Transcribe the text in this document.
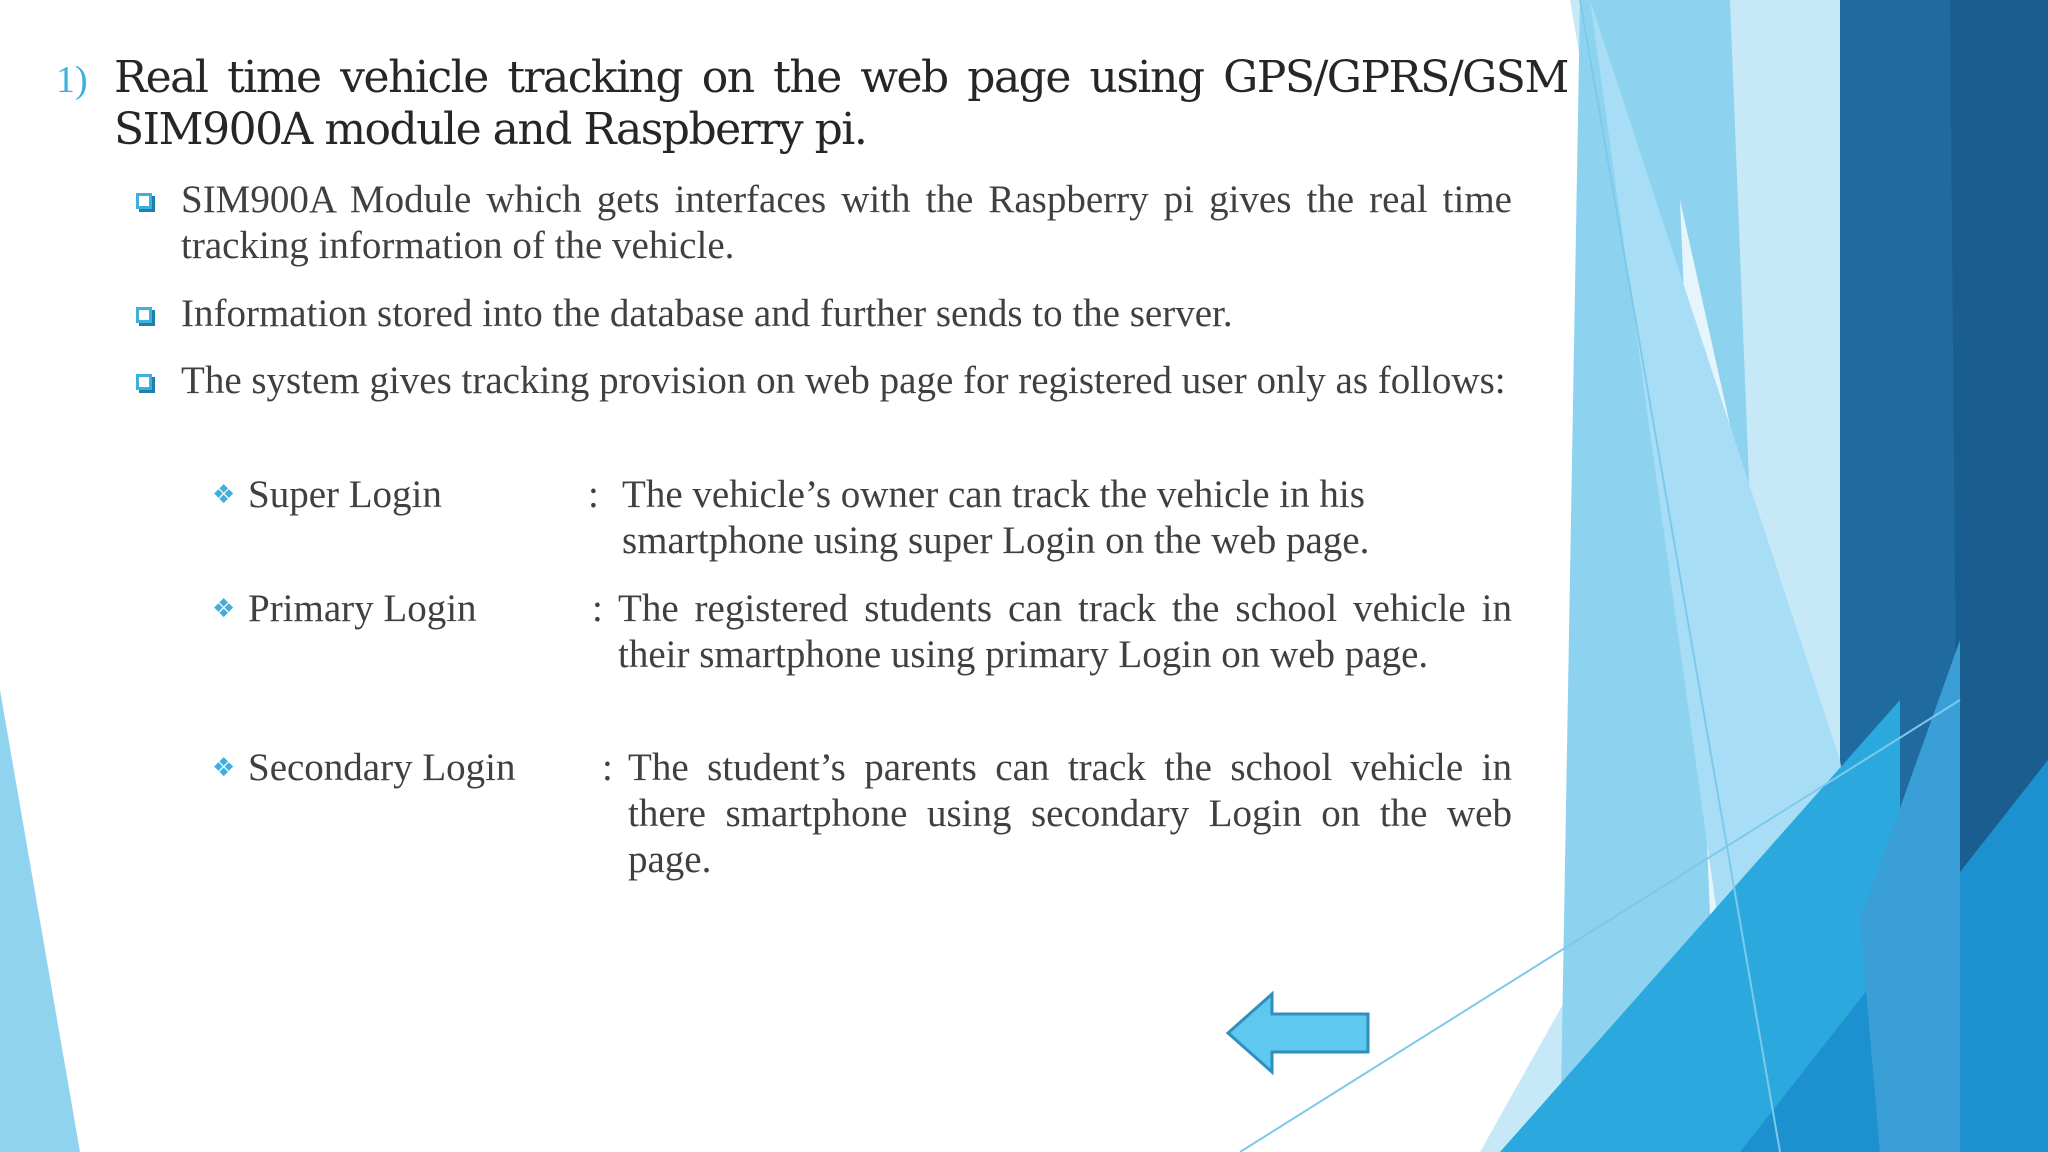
1) Real time vehicle tracking on the web page using GPS/GPRS/GSM SIM900A module and Raspberry pi.
SIM900A Module which gets interfaces with the Raspberry pi gives the real time tracking information of the vehicle.
Information stored into the database and further sends to the server.
The system gives tracking provision on web page for registered user only as follows:
❖ Super Login	: The vehicle’s owner can track the vehicle in his smartphone using super Login on the web page.
❖ Primary Login	: The registered students can track the school vehicle in their smartphone using primary Login on web page.
❖ Secondary Login : The student’s parents can track the school vehicle in there smartphone using secondary Login on the web page.
